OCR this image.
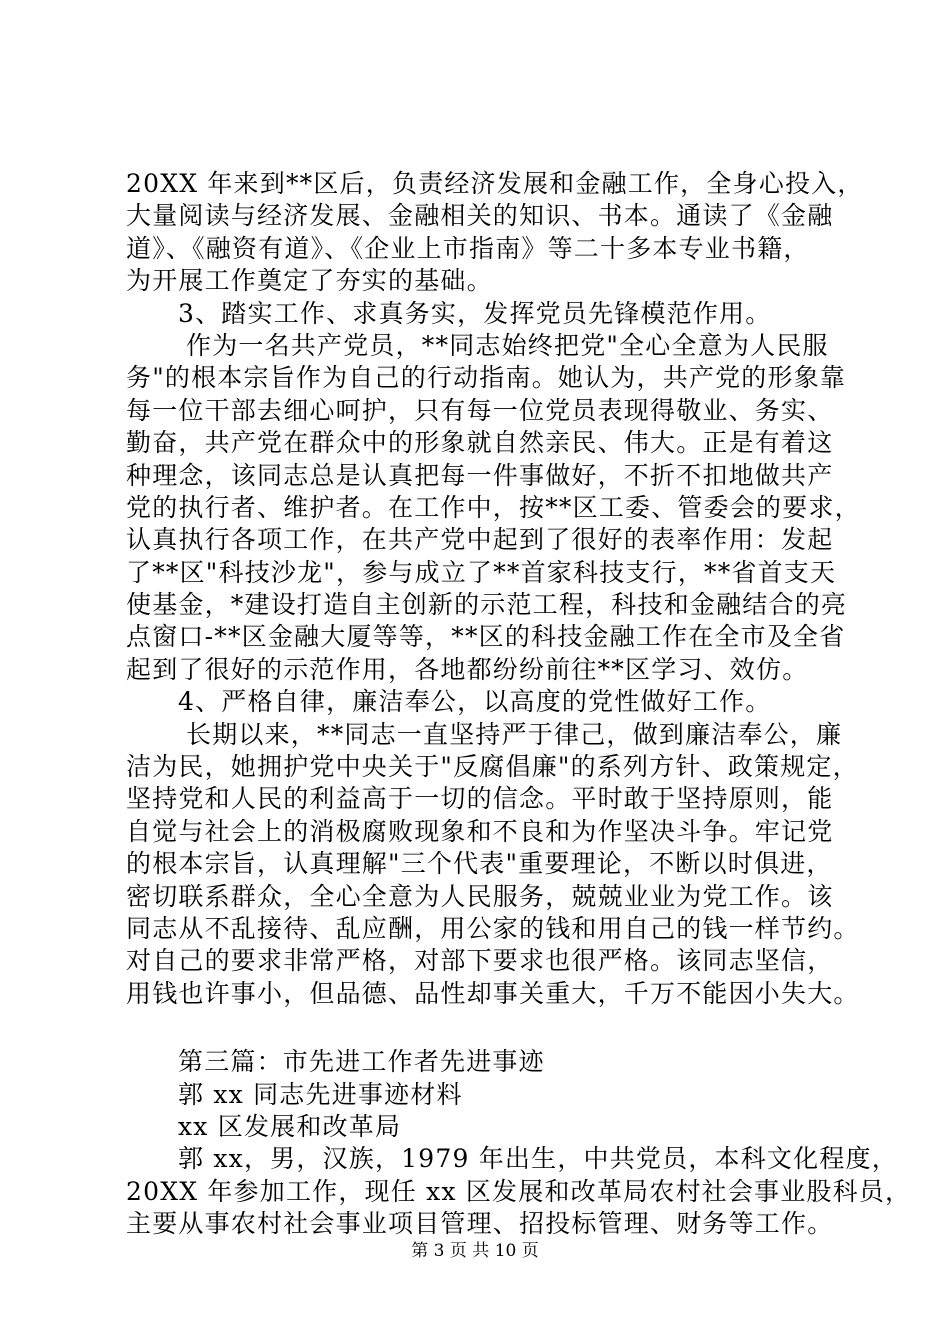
20XX 年来到**区后，负责经济发展和金融工作，全身心投入，
大量阅读与经济发展、金融相关的知识、书本。通读了《金融
道》、《融资有道》、《企业上市指南》等二十多本专业书籍，
为开展工作奠定了夯实的基础。
3、踏实工作、求真务实，发挥党员先锋模范作用。
作为一名共产党员，**同志始终把党"全心全意为人民服
务"的根本宗旨作为自己的行动指南。她认为，共产党的形象靠
每一位干部去细心呵护，只有每一位党员表现得敬业、务实、
勤奋，共产党在群众中的形象就自然亲民、伟大。正是有着这
种理念，该同志总是认真把每一件事做好，不折不扣地做共产
党的执行者、维护者。在工作中，按**区工委、管委会的要求，
认真执行各项工作，在共产党中起到了很好的表率作用：发起
了**区"科技沙龙"，参与成立了**首家科技支行，**省首支天
使基金，*建设打造自主创新的示范工程，科技和金融结合的亮
点窗口-**区金融大厦等等，**区的科技金融工作在全市及全省
起到了很好的示范作用，各地都纷纷前往**区学习、效仿。
4、严格自律，廉洁奉公，以高度的党性做好工作。
长期以来，**同志一直坚持严于律己，做到廉洁奉公，廉
洁为民，她拥护党中央关于"反腐倡廉"的系列方针、政策规定，
坚持党和人民的利益高于一切的信念。平时敢于坚持原则，能
自觉与社会上的消极腐败现象和不良和为作坚决斗争。牢记党
的根本宗旨，认真理解"三个代表"重要理论，不断以时俱进，
密切联系群众，全心全意为人民服务，兢兢业业为党工作。该
同志从不乱接待、乱应酬，用公家的钱和用自己的钱一样节约。
对自己的要求非常严格，对部下要求也很严格。该同志坚信，
用钱也许事小，但品德、品性却事关重大，千万不能因小失大。
第三篇：市先进工作者先进事迹
郭 xx 同志先进事迹材料
xx 区发展和改革局
郭 xx，男，汉族，1979 年出生，中共党员，本科文化程度，
20XX 年参加工作，现任 xx 区发展和改革局农村社会事业股科员，
主要从事农村社会事业项目管理、招投标管理、财务等工作。
第 3 页 共 10 页
